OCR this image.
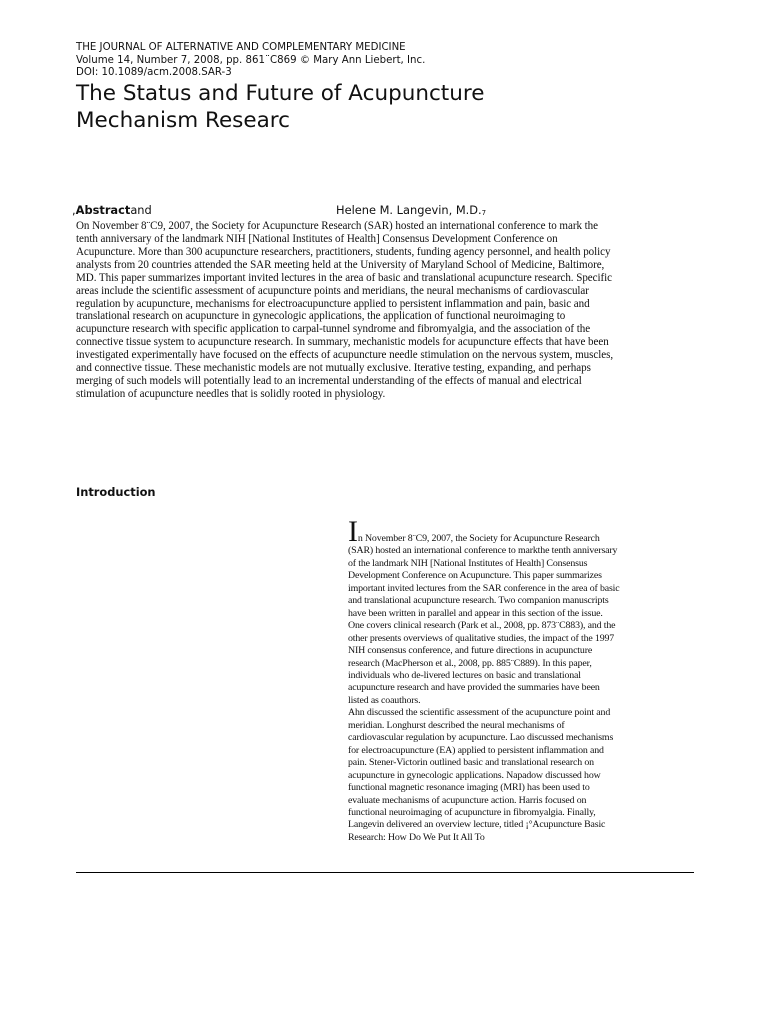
THE JOURNAL OF ALTERNATIVE AND COMPLEMENTARY MEDICINE
Volume 14, Number 7, 2008, pp. 861¨C869 © Mary Ann Liebert, Inc.
DOI: 10.1089/acm.2008.SAR-3
The Status and Future of Acupuncture
Mechanism Researc
,Abstractand	Helene M. Langevin, M.D.$^7$

On November 8¨C9, 2007, the Society for Acupuncture Research (SAR) hosted an international conference to mark the tenth anniversary of the landmark NIH [National Institutes of Health] Consensus Development Conference on Acupuncture. More than 300 acupuncture researchers, practitioners, students, funding agency personnel, and health policy analysts from 20 countries attended the SAR meeting held at the University of Maryland School of Medicine, Baltimore, MD. This paper summarizes important invited lectures in the area of basic and translational acupuncture research. Specific areas include the scientific assessment of acupuncture points and meridians, the neural mechanisms of cardiovascular regulation by acupuncture, mechanisms for electroacupuncture applied to persistent inflammation and pain, basic and translational research on acupuncture in gynecologic applications, the application of functional neuroimaging to acupuncture research with specific application to carpal-tunnel syndrome and fibromyalgia, and the association of the connective tissue system to acupuncture research. In summary, mechanistic models for acupuncture effects that have been investigated experimentally have focused on the effects of acupuncture needle stimulation on the nervous system, muscles, and connective tissue. These mechanistic models are not mutually exclusive. Iterative testing, expanding, and perhaps merging of such models will potentially lead to an incremental understanding of the effects of manual and electrical stimulation of acupuncture needles that is solidly rooted in physiology.

Introduction

In November 8¨C9, 2007, the Society for Acupuncture Research (SAR) hosted an international conference to markthe tenth anniversary of the landmark NIH [National Institutes of Health] Consensus Development Conference on Acupuncture. This paper summarizes important invited lectures from the SAR conference in the area of basic and translational acupuncture research. Two companion manuscripts have been written in parallel and appear in this section of the issue. One covers clinical research (Park et al., 2008, pp. 873¨C883), and the other presents overviews of qualitative studies, the impact of the 1997 NIH consensus conference, and future directions in acupuncture research (MacPherson et al., 2008, pp. 885¨C889). In this paper, individuals who de-livered lectures on basic and translational acupuncture research and have provided the summaries have been listed as coauthors.

Ahn discussed the scientific assessment of the acupuncture point and meridian. Longhurst described the neural mechanisms of cardiovascular regulation by acupuncture. Lao discussed mechanisms for electroacupuncture (EA) applied to persistent inflammation and pain. Stener-Victorin outlined basic and translational research on acupuncture in gynecologic applications. Napadow discussed how functional magnetic resonance imaging (MRI) has been used to evaluate mechanisms of acupuncture action. Harris focused on functional neuroimaging of acupuncture in fibromyalgia. Finally, Langevin delivered an overview lecture, titled ¡°Acupuncture Basic Research: How Do We Put It All To
